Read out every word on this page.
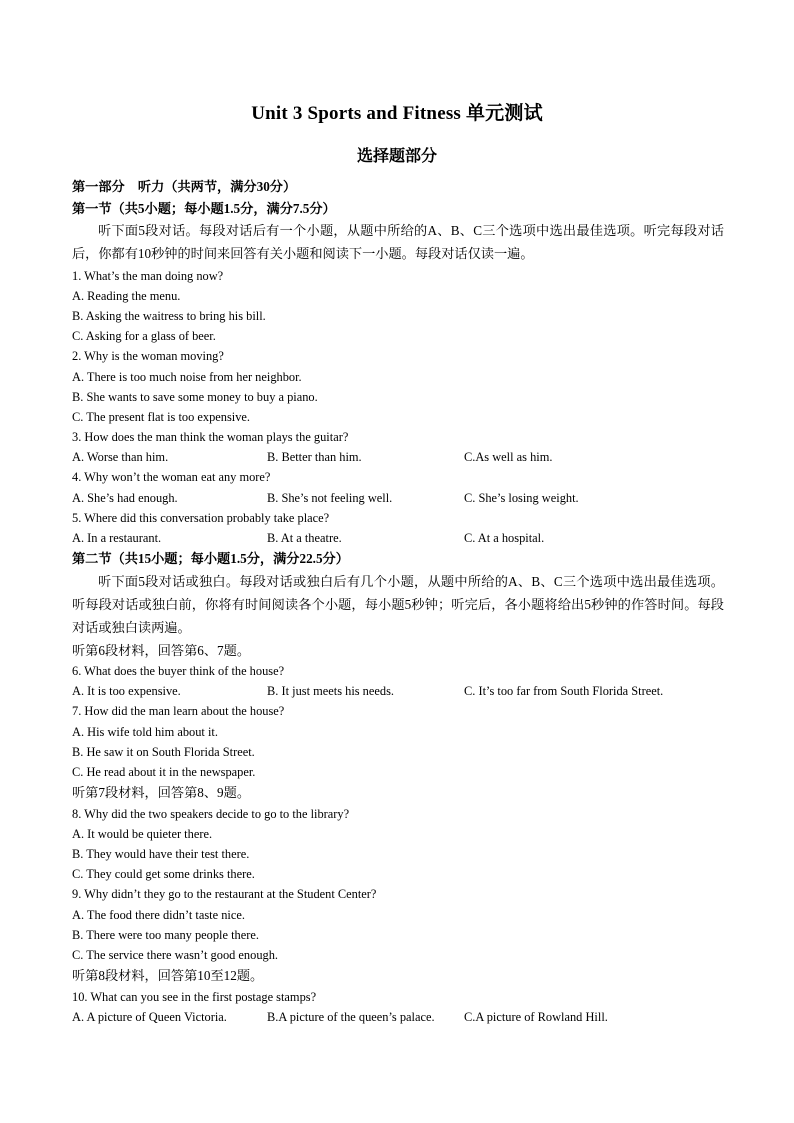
Unit 3 Sports and Fitness 单元测试
选择题部分
第一部分　听力（共两节，满分30分）
第一节（共5小题；每小题1.5分，满分7.5分）
听下面5段对话。每段对话后有一个小题，从题中所给的A、B、C三个选项中选出最佳选项。听完每段对话后，你都有10秒钟的时间来回答有关小题和阅读下一小题。每段对话仅读一遍。
1. What’s the man doing now?
A. Reading the menu.
B. Asking the waitress to bring his bill.
C. Asking for a glass of beer.
2. Why is the woman moving?
A. There is too much noise from her neighbor.
B. She wants to save some money to buy a piano.
C. The present flat is too expensive.
3. How does the man think the woman plays the guitar?
A. Worse than him.	B. Better than him.	C.As well as him.
4. Why won’t the woman eat any more?
A. She’s had enough.	B. She’s not feeling well.	C. She’s losing weight.
5. Where did this conversation probably take place?
A. In a restaurant.	B. At a theatre.	C. At a hospital.
第二节（共15小题；每小题1.5分，满分22.5分）
听下面5段对话或独白。每段对话或独白后有几个小题，从题中所给的A、B、C三个选项中选出最佳选项。听每段对话或独白前，你将有时间阅读各个小题，每小题5秒钟；听完后，各小题将给出5秒钟的作答时间。每段对话或独白读两遍。
听第6段材料，回答第6、7题。
6. What does the buyer think of the house?
A. It is too expensive.	B. It just meets his needs.	C. It’s too far from South Florida Street.
7. How did the man learn about the house?
A. His wife told him about it.
B. He saw it on South Florida Street.
C. He read about it in the newspaper.
听第7段材料，回答第8、9题。
8. Why did the two speakers decide to go to the library?
A. It would be quieter there.
B. They would have their test there.
C. They could get some drinks there.
9. Why didn’t they go to the restaurant at the Student Center?
A. The food there didn’t taste nice.
B. There were too many people there.
C. The service there wasn’t good enough.
听第8段材料，回答第10至12题。
10. What can you see in the first postage stamps?
A. A picture of Queen Victoria.	B.A picture of the queen’s palace. C.A picture of Rowland Hill.
